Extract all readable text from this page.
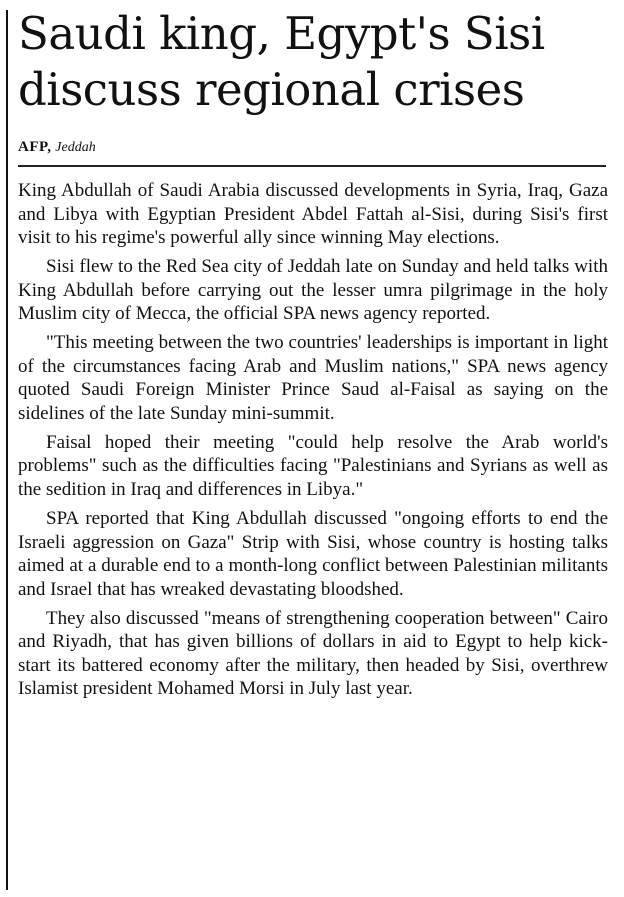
Saudi king, Egypt's Sisi
discuss regional crises
AFP, Jeddah

King Abdullah of Saudi Arabia discussed developments in Syria, Iraq, Gaza and Libya with Egyptian President Abdel Fattah al-Sisi, during Sisi's first visit to his regime's powerful ally since winning May elections.

Sisi flew to the Red Sea city of Jeddah late on Sunday and held talks with King Abdullah before carrying out the lesser umra pilgrimage in the holy Muslim city of Mecca, the official SPA news agency reported.

"This meeting between the two countries' leaderships is important in light of the circumstances facing Arab and Muslim nations," SPA news agency quoted Saudi Foreign Minister Prince Saud al-Faisal as saying on the sidelines of the late Sunday mini-summit.

Faisal hoped their meeting "could help resolve the Arab world's problems" such as the difficulties facing "Palestinians and Syrians as well as the sedition in Iraq and differences in Libya."

SPA reported that King Abdullah discussed "ongoing efforts to end the Israeli aggression on Gaza" Strip with Sisi, whose country is hosting talks aimed at a durable end to a month-long conflict between Palestinian militants and Israel that has wreaked devastating bloodshed.

They also discussed "means of strengthening cooperation between" Cairo and Riyadh, that has given billions of dollars in aid to Egypt to help kick-start its battered economy after the military, then headed by Sisi, overthrew Islamist president Mohamed Morsi in July last year.
